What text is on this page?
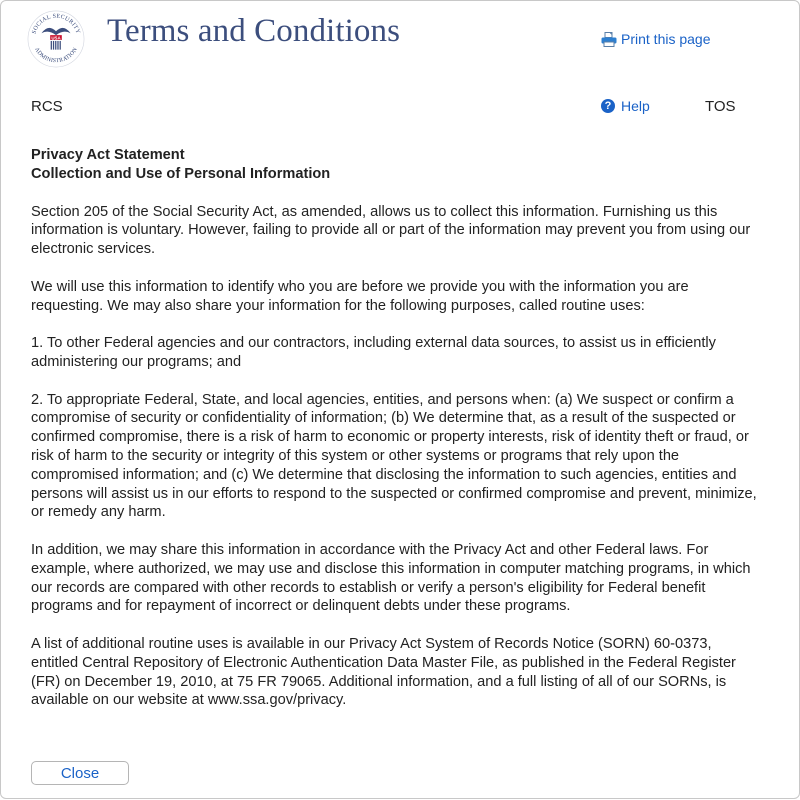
SOCIAL SECURITY
ADMINISTRATION
USA Terms and Conditions	Print this page
RCS	? Help	TOS
Privacy Act Statement
Collection and Use of Personal Information

Section 205 of the Social Security Act, as amended, allows us to collect this information. Furnishing us this information is voluntary. However, failing to provide all or part of the information may prevent you from using our electronic services.

We will use this information to identify who you are before we provide you with the information you are requesting. We may also share your information for the following purposes, called routine uses:

1. To other Federal agencies and our contractors, including external data sources, to assist us in efficiently administering our programs; and

2. To appropriate Federal, State, and local agencies, entities, and persons when: (a) We suspect or confirm a compromise of security or confidentiality of information; (b) We determine that, as a result of the suspected or confirmed compromise, there is a risk of harm to economic or property interests, risk of identity theft or fraud, or risk of harm to the security or integrity of this system or other systems or programs that rely upon the compromised information; and (c) We determine that disclosing the information to such agencies, entities and persons will assist us in our efforts to respond to the suspected or confirmed compromise and prevent, minimize, or remedy any harm.

In addition, we may share this information in accordance with the Privacy Act and other Federal laws. For example, where authorized, we may use and disclose this information in computer matching programs, in which our records are compared with other records to establish or verify a person's eligibility for Federal benefit programs and for repayment of incorrect or delinquent debts under these programs.

A list of additional routine uses is available in our Privacy Act System of Records Notice (SORN) 60-0373, entitled Central Repository of Electronic Authentication Data Master File, as published in the Federal Register (FR) on December 19, 2010, at 75 FR 79065. Additional information, and a full listing of all of our SORNs, is available on our website at www.ssa.gov/privacy.

Close
